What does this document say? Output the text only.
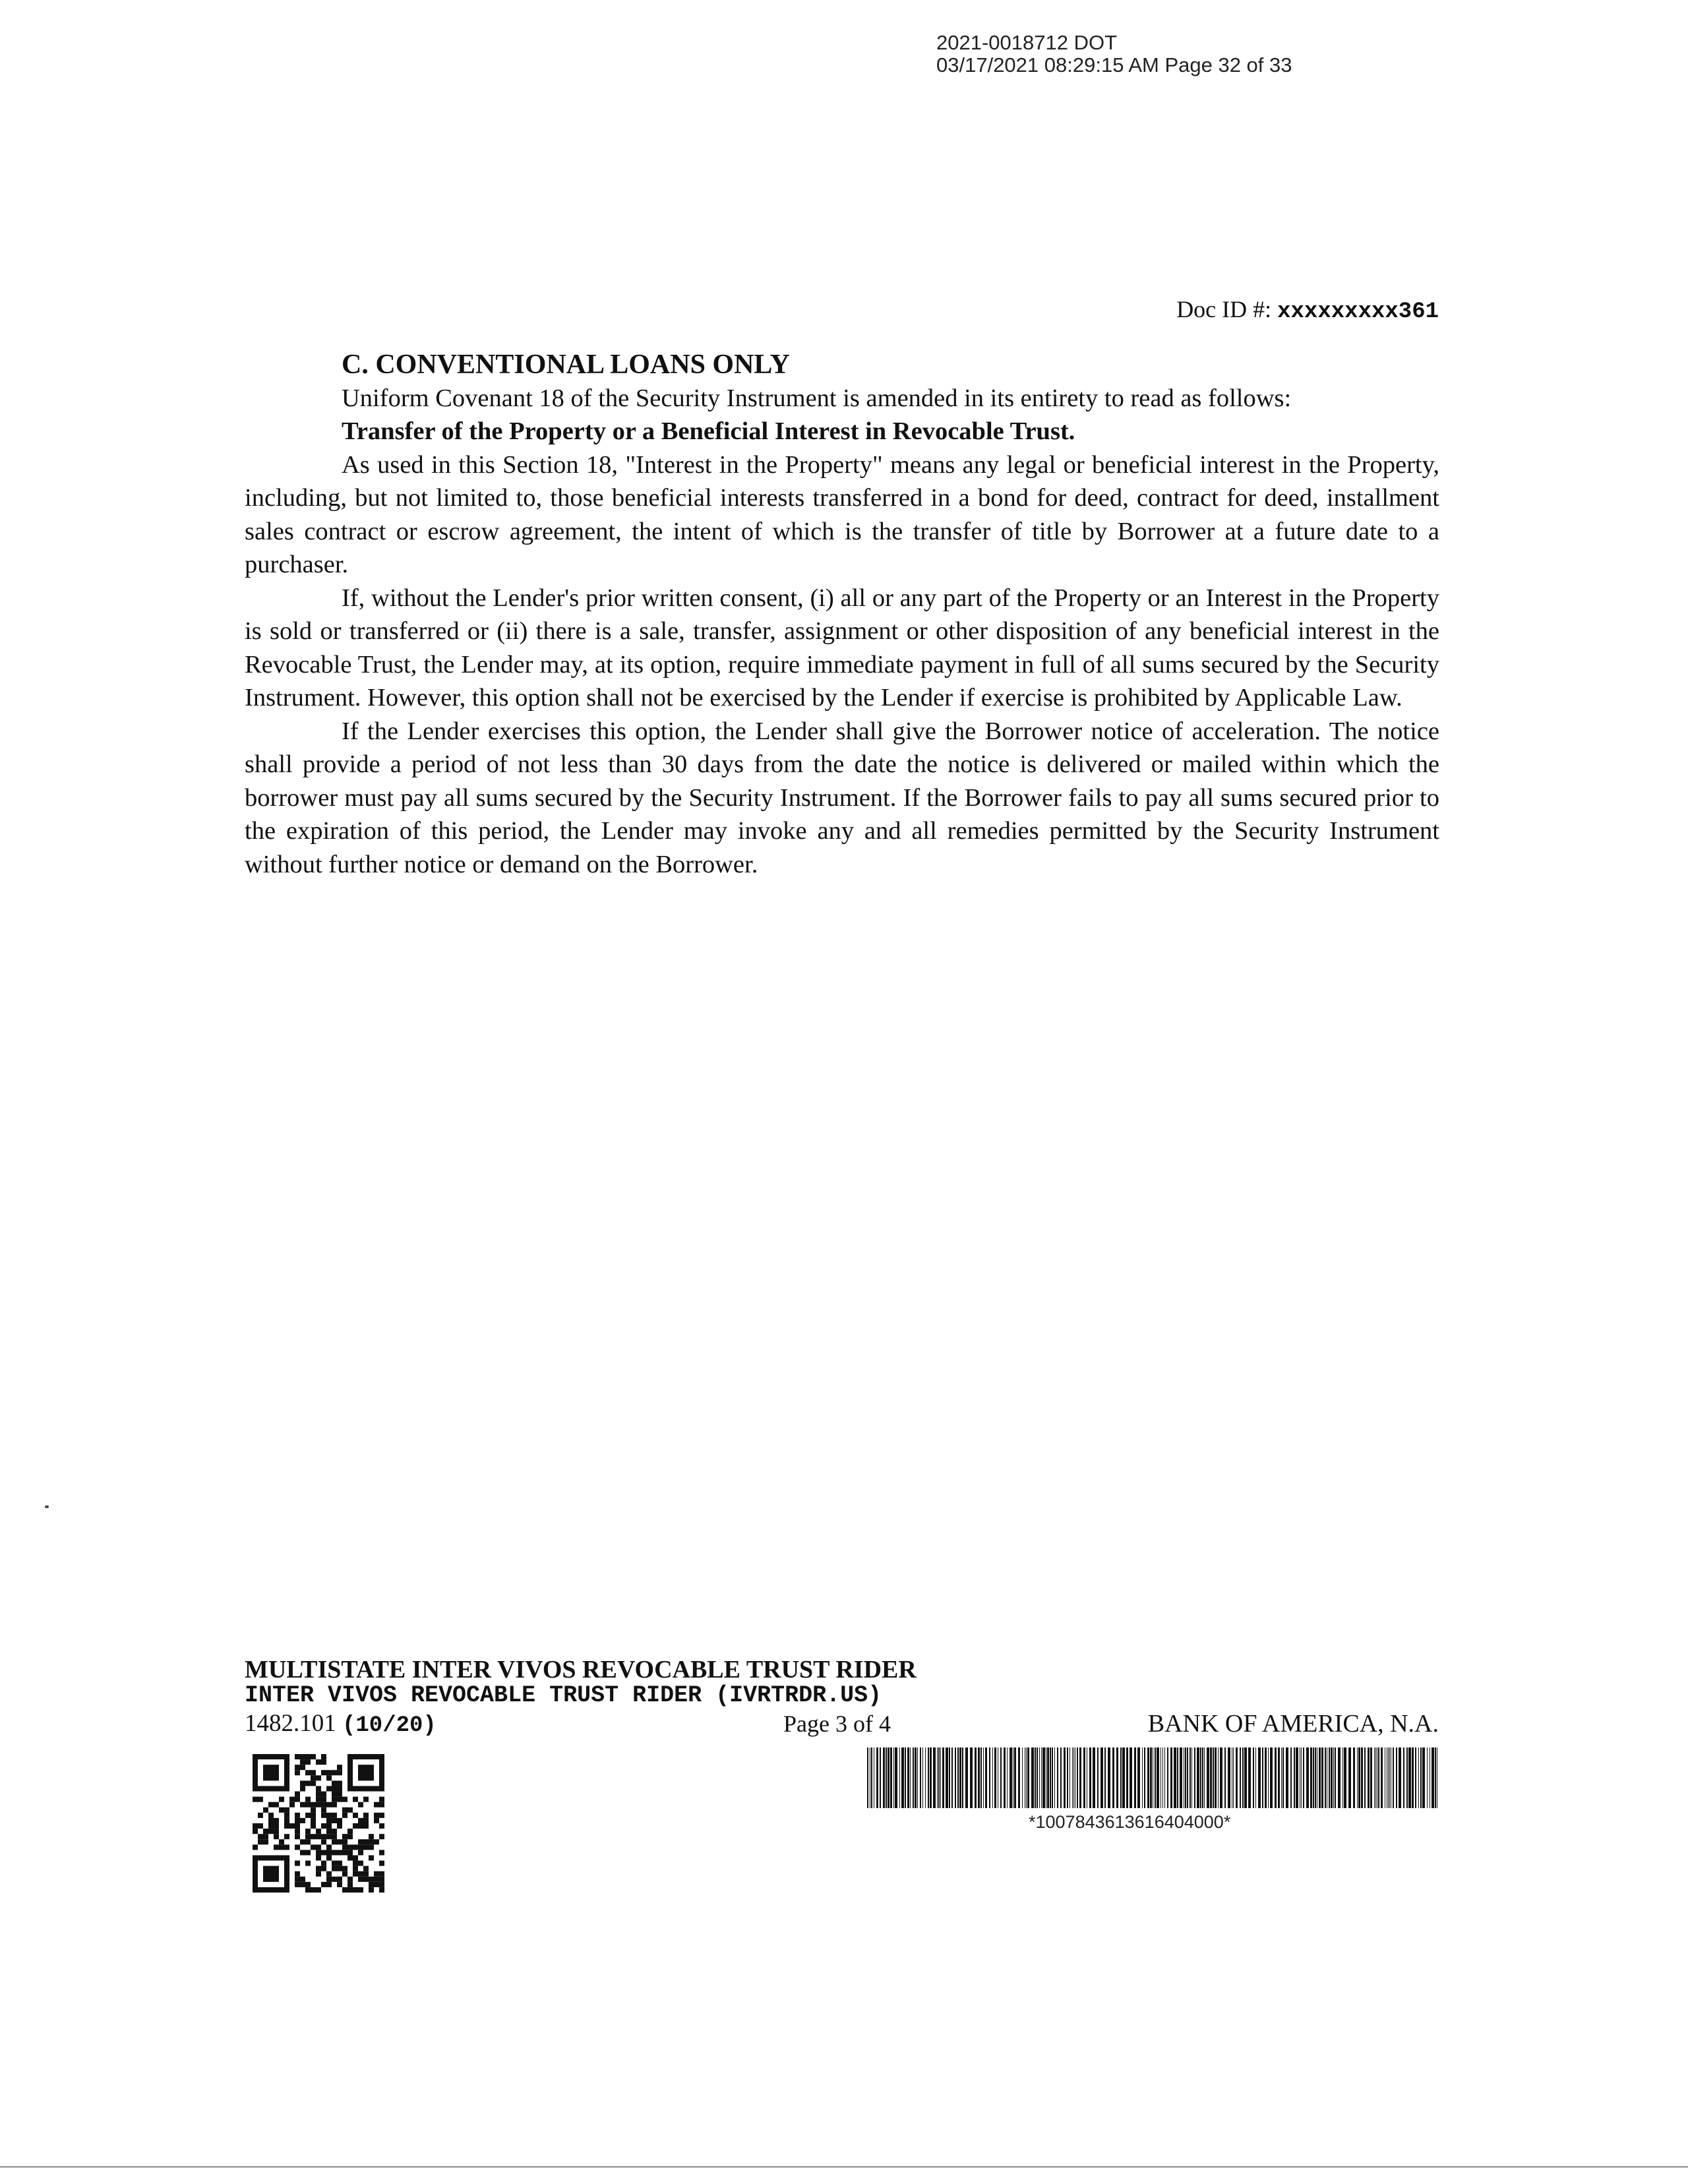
2021-0018712 DOT
03/17/2021 08:29:15 AM Page 32 of 33
Doc ID #: xxxxxxxxx361

C. CONVENTIONAL LOANS ONLY

Uniform Covenant 18 of the Security Instrument is amended in its entirety to read as follows:

Transfer of the Property or a Beneficial Interest in Revocable Trust.

As used in this Section 18, "Interest in the Property" means any legal or beneficial interest in the Property, including, but not limited to, those beneficial interests transferred in a bond for deed, contract for deed, installment sales contract or escrow agreement, the intent of which is the transfer of title by Borrower at a future date to a purchaser.

If, without the Lender's prior written consent, (i) all or any part of the Property or an Interest in the Property is sold or transferred or (ii) there is a sale, transfer, assignment or other disposition of any beneficial interest in the Revocable Trust, the Lender may, at its option, require immediate payment in full of all sums secured by the Security Instrument. However, this option shall not be exercised by the Lender if exercise is prohibited by Applicable Law.

If the Lender exercises this option, the Lender shall give the Borrower notice of acceleration. The notice shall provide a period of not less than 30 days from the date the notice is delivered or mailed within which the borrower must pay all sums secured by the Security Instrument. If the Borrower fails to pay all sums secured prior to the expiration of this period, the Lender may invoke any and all remedies permitted by the Security Instrument without further notice or demand on the Borrower.

MULTISTATE INTER VIVOS REVOCABLE TRUST RIDER
INTER VIVOS REVOCABLE TRUST RIDER (IVRTRDR.US)
1482.101 (10/20)	Page 3 of 4	BANK OF AMERICA, N.A.
*1007843613616404000*
